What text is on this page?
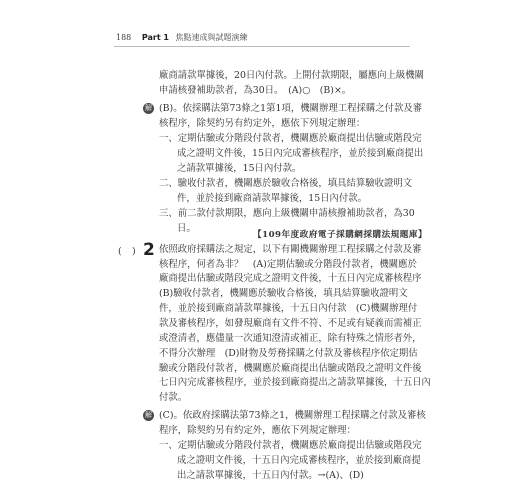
188 Part 1 焦點速成與試題演練
廠商請款單據後，20日內付款。上開付款期限，屬應向上級機關
申請核發補助款者，為30日。　(A)○　(B)×。
解 (B)。依採購法第73條之1第1項，機關辦理工程採購之付款及審
核程序，除契約另有約定外，應依下列規定辦理：
一、定期估驗或分階段付款者，機關應於廠商提出估驗或階段完
成之證明文件後，15日內完成審核程序，並於接到廠商提出
之請款單據後，15日內付款。
二、驗收付款者，機關應於驗收合格後，填具結算驗收證明文
件，並於接到廠商請款單據後，15日內付款。
三、前二款付款期限，應向上級機關申請核撥補助款者，為30
日。
【109年度政府電子採購網採購法規題庫】
( ) 2 依照政府採購法之規定，以下有關機關辦理工程採購之付款及審
核程序，何者為非？　(A)定期估驗或分階段付款者，機關應於
廠商提出估驗或階段完成之證明文件後，十五日內完成審核程序
(B)驗收付款者，機關應於驗收合格後，填具結算驗收證明文
件，並於接到廠商請款單據後，十五日內付款　(C)機關辦理付
款及審核程序，如發現廠商有文件不符、不足或有疑義而需補正
或澄清者，應儘量一次通知澄清或補正，除有特殊之情形者外，
不得分次辦理　(D)財物及勞務採購之付款及審核程序依定期估
驗或分階段付款者，機關應於廠商提出估驗或階段之證明文件後
七日內完成審核程序，並於接到廠商提出之請款單據後，十五日內
付款。
解 (C)。依政府採購法第73條之1，機關辦理工程採購之付款及審核
程序，除契約另有約定外，應依下列規定辦理：
一、定期估驗或分階段付款者，機關應於廠商提出估驗或階段完
成之證明文件後，十五日內完成審核程序，並於接到廠商提
出之請款單據後，十五日內付款。→(A)、(D)
